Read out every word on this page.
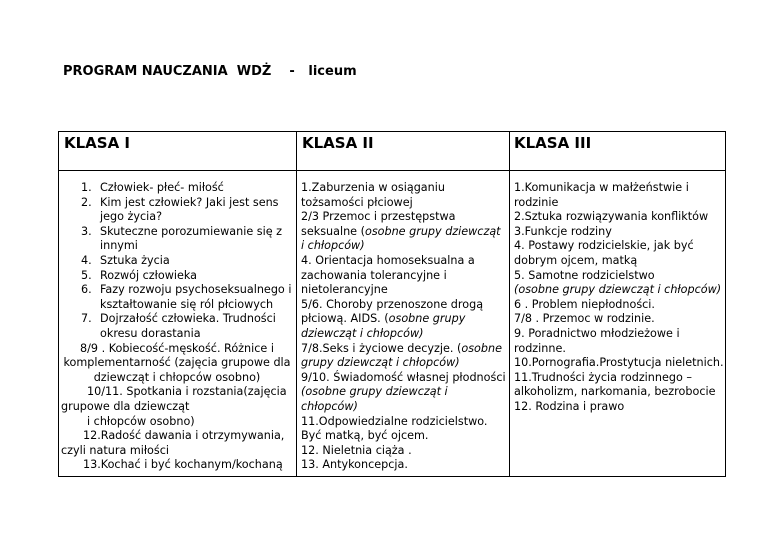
PROGRAM NAUCZANIA  WDŻ    -   liceum
KLASA I	KLASA II	KLASA III
1. Człowiek- płeć- miłość
2. Kim jest człowiek? Jaki jest sens jego życia?
3. Skuteczne porozumiewanie się z innymi
4. Sztuka życia
5. Rozwój człowieka
6. Fazy rozwoju psychoseksualnego i kształtowanie się ról płciowych
7. Dojrzałość człowieka. Trudności okresu dorastania
8/9 . Kobiecość-męskość. Różnice i komplementarność (zajęcia grupowe dla dziewcząt i chłopców osobno)
10/11. Spotkania i rozstania(zajęcia grupowe dla dziewcząt
i chłopców osobno)
12.Radość dawania i otrzymywania, czyli natura miłości
13.Kochać i być kochanym/kochaną
1.Zaburzenia w osiąganiu tożsamości płciowej
2/3 Przemoc i przestępstwa seksualne (osobne grupy dziewcząt i chłopców)
4. Orientacja homoseksualna a zachowania tolerancyjne i nietolerancyjne
5/6. Choroby przenoszone drogą płciową. AIDS. (osobne grupy dziewcząt i chłopców)
7/8.Seks i życiowe decyzje. (osobne grupy dziewcząt i chłopców)
9/10. Świadomość własnej płodności (osobne grupy dziewcząt i chłopców)
11.Odpowiedzialne rodzicielstwo. Być matką, być ojcem.
12. Nieletnia ciąża .
13. Antykoncepcja.
1.Komunikacja w małżeństwie i rodzinie
2.Sztuka rozwiązywania konfliktów
3.Funkcje rodziny
4. Postawy rodzicielskie, jak być dobrym ojcem, matką
5. Samotne rodzicielstwo
(osobne grupy dziewcząt i chłopców)
6 . Problem niepłodności.
7/8 . Przemoc w rodzinie.
9. Poradnictwo młodzieżowe i rodzinne.
10.Pornografia.Prostytucja nieletnich.
11.Trudności życia rodzinnego – alkoholizm, narkomania, bezrobocie
12. Rodzina i prawo
